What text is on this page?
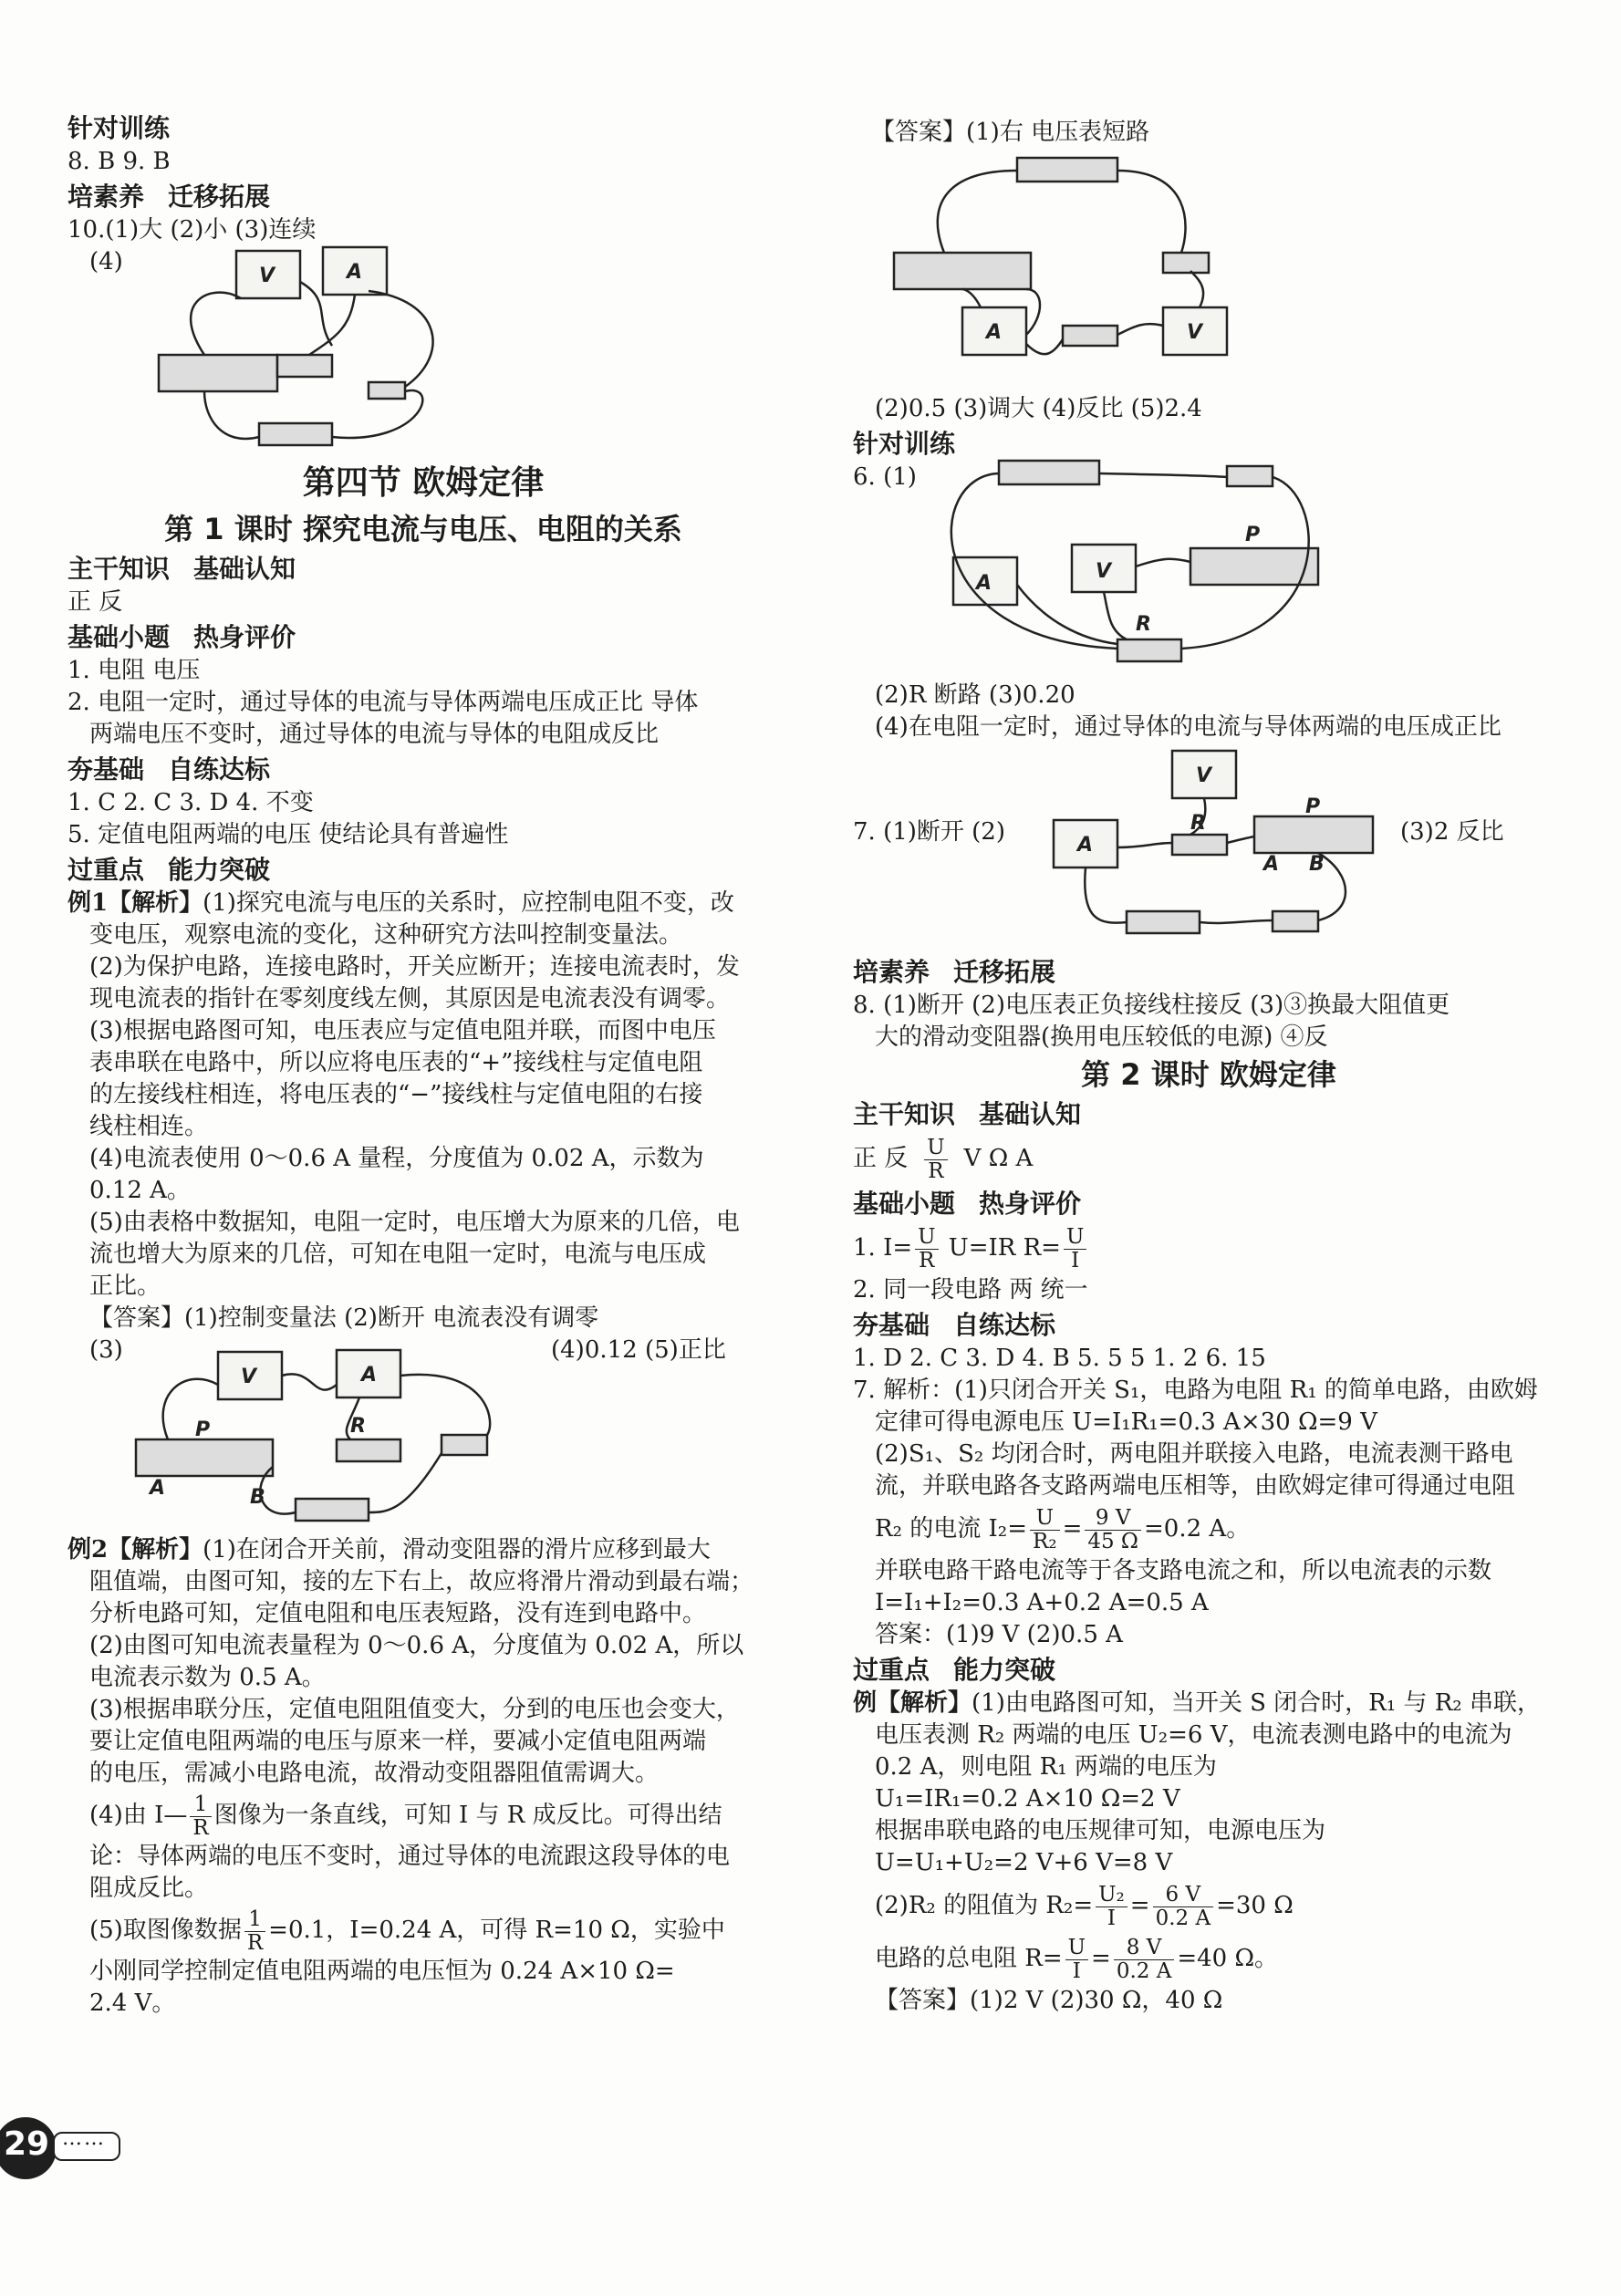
针对训练
8. B 9. B
培素养 迁移拓展
10.(1)大 (2)小 (3)连续
(4)
V	A
第四节 欧姆定律
第 1 课时 探究电流与电压、电阻的关系
主干知识 基础认知
正 反
基础小题 热身评价
1. 电阻 电压
2. 电阻一定时，通过导体的电流与导体两端电压成正比 导体
两端电压不变时，通过导体的电流与导体的电阻成反比
夯基础 自练达标
1. C 2. C 3. D 4. 不变
5. 定值电阻两端的电压 使结论具有普遍性
过重点 能力突破
例1【解析】(1)探究电流与电压的关系时，应控制电阻不变，改
变电压，观察电流的变化，这种研究方法叫控制变量法。
(2)为保护电路，连接电路时，开关应断开；连接电流表时，发
现电流表的指针在零刻度线左侧，其原因是电流表没有调零。
(3)根据电路图可知，电压表应与定值电阻并联，而图中电压
表串联在电路中，所以应将电压表的“+”接线柱与定值电阻
的左接线柱相连，将电压表的“−”接线柱与定值电阻的右接
线柱相连。
(4)电流表使用 0～0.6 A 量程，分度值为 0.02 A，示数为
0.12 A。
(5)由表格中数据知，电阻一定时，电压增大为原来的几倍，电
流也增大为原来的几倍，可知在电阻一定时，电流与电压成
正比。
【答案】(1)控制变量法 (2)断开 电流表没有调零
(3)	(4)0.12 (5)正比
V	A
P	R
A	B
例2【解析】(1)在闭合开关前，滑动变阻器的滑片应移到最大
阻值端，由图可知，接的左下右上，故应将滑片滑动到最右端；
分析电路可知，定值电阻和电压表短路，没有连到电路中。
(2)由图可知电流表量程为 0～0.6 A，分度值为 0.02 A，所以
电流表示数为 0.5 A。
(3)根据串联分压，定值电阻阻值变大，分到的电压也会变大，
要让定值电阻两端的电压与原来一样，要减小定值电阻两端
的电压，需减小电路电流，故滑动变阻器阻值需调大。
(4)由 I— $\frac{1}{R}$ 图像为一条直线，可知 I 与 R 成反比。可得出结
论：导体两端的电压不变时，通过导体的电流跟这段导体的电
阻成反比。
(5)取图像数据 $\frac{1}{R} =0.1$，I=0.24 A，可得 R=10 Ω，实验中
小刚同学控制定值电阻两端的电压恒为 0.24 A×10 Ω=
2.4 V。
【答案】(1)右 电压表短路
A	V
(2)0.5 (3)调大 (4)反比 (5)2.4
针对训练
6. (1)
A
V
P
R
(2)R 断路 (3)0.20
(4)在电阻一定时，通过导体的电流与导体两端的电压成正比
7. (1)断开 (2)
V
A
P
R
A B
(3)2 反比
培素养 迁移拓展
8. (1)断开 (2)电压表正负接线柱接反 (3)③换最大阻值更
大的滑动变阻器(换用电压较低的电源) ④反
第 2 课时 欧姆定律
主干知识 基础认知
正 反 $\frac{U}{R}$ V Ω A
基础小题 热身评价
1. $I= \frac{U}{R} U=IR$ $R= \frac{U}{I}$
2. 同一段电路 两 统一
夯基础 自练达标
1. D 2. C 3. D 4. B 5. 5 5 1. 2 6. 15
7. 解析：(1)只闭合开关 S₁，电路为电阻 R₁ 的简单电路，由欧姆
定律可得电源电压 U=I₁R₁=0.3 A×30 Ω=9 V
(2)S₁、S₂ 均闭合时，两电阻并联接入电路，电流表测干路电
流，并联电路各支路两端电压相等，由欧姆定律可得通过电阻
R₂ 的电流 $I_2= \frac{U}{\text{R₂}} = \frac{9 V}{45 \Omega} =0.2$ A。
并联电路干路电流等于各支路电流之和，所以电流表的示数
I=I₁+I₂=0.3 A+0.2 A=0.5 A
答案：(1)9 V (2)0.5 A
过重点 能力突破
例【解析】(1)由电路图可知，当开关 S 闭合时，R₁ 与 R₂ 串联，
电压表测 R₂ 两端的电压 U₂=6 V，电流表测电路中的电流为
0.2 A，则电阻 R₁ 两端的电压为
U₁=IR₁=0.2 A×10 Ω=2 V
根据串联电路的电压规律可知，电源电压为
U=U₁+U₂=2 V+6 V=8 V
(2)R₂ 的阻值为 $R_2= \frac{\text{U₂}}{I} = \frac{6 V}{0.2 A} =30$ Ω
电路的总电阻 $R= \frac{U}{I} = \frac{8 V}{0.2 A} =40$ Ω。
【答案】(1)2 V (2)30 Ω，40 Ω
……
29
